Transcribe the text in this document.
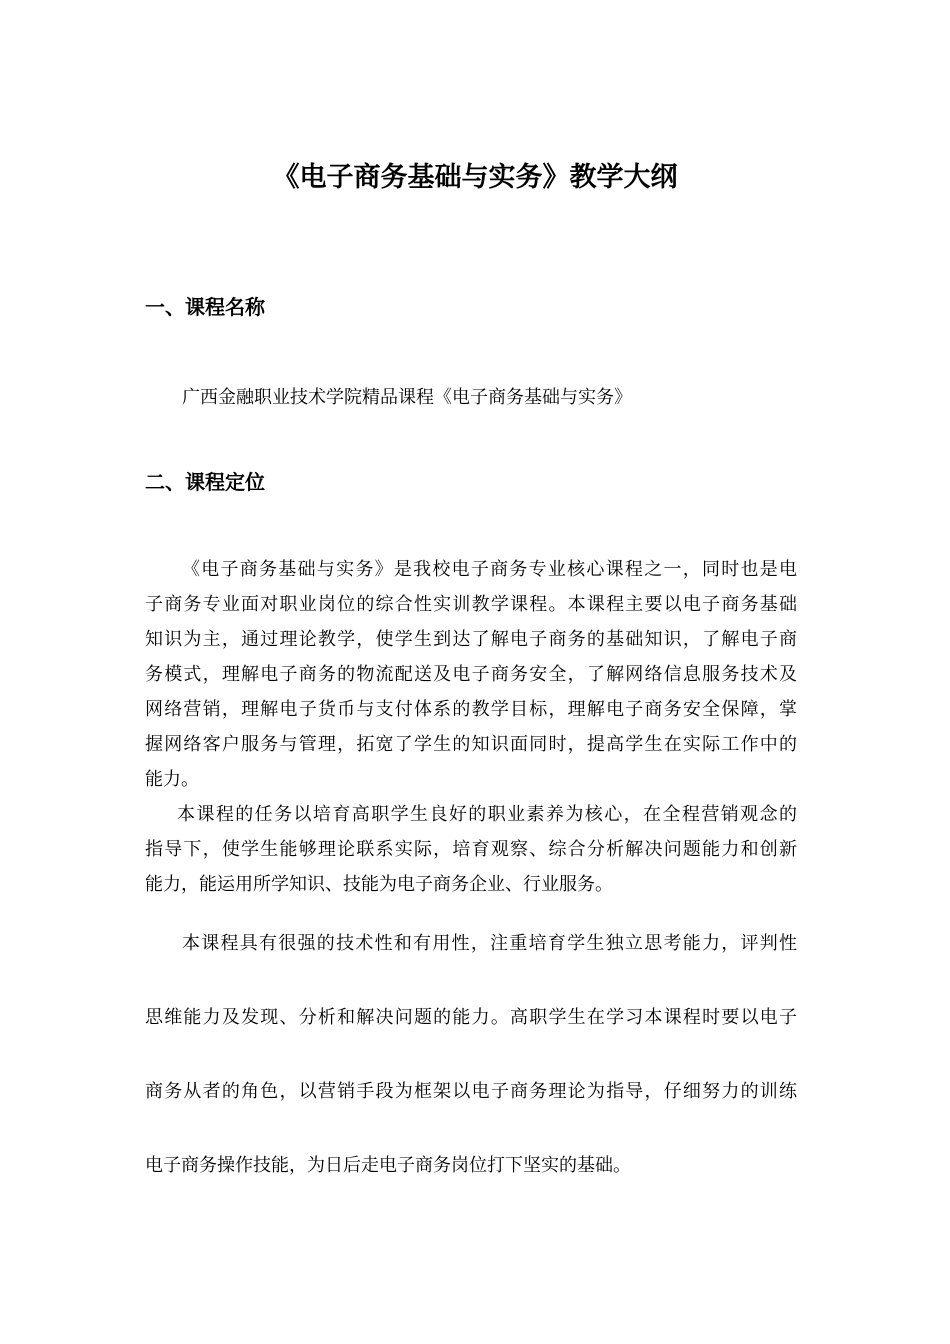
《电子商务基础与实务》教学大纲
一、课程名称

广西金融职业技术学院精品课程《电子商务基础与实务》

二、课程定位
《电子商务基础与实务》是我校电子商务专业核心课程之一，同时也是电
子商务专业面对职业岗位的综合性实训教学课程。本课程主要以电子商务基础
知识为主，通过理论教学，使学生到达了解电子商务的基础知识，了解电子商
务模式，理解电子商务的物流配送及电子商务安全，了解网络信息服务技术及
网络营销，理解电子货币与支付体系的教学目标，理解电子商务安全保障，掌
握网络客户服务与管理，拓宽了学生的知识面同时，提高学生在实际工作中的
能力。
本课程的任务以培育高职学生良好的职业素养为核心，在全程营销观念的
指导下，使学生能够理论联系实际，培育观察、综合分析解决问题能力和创新
能力，能运用所学知识、技能为电子商务企业、行业服务。
本课程具有很强的技术性和有用性，注重培育学生独立思考能力，评判性
思维能力及发现、分析和解决问题的能力。高职学生在学习本课程时要以电子
商务从者的角色，以营销手段为框架以电子商务理论为指导，仔细努力的训练
电子商务操作技能，为日后走电子商务岗位打下坚实的基础。
